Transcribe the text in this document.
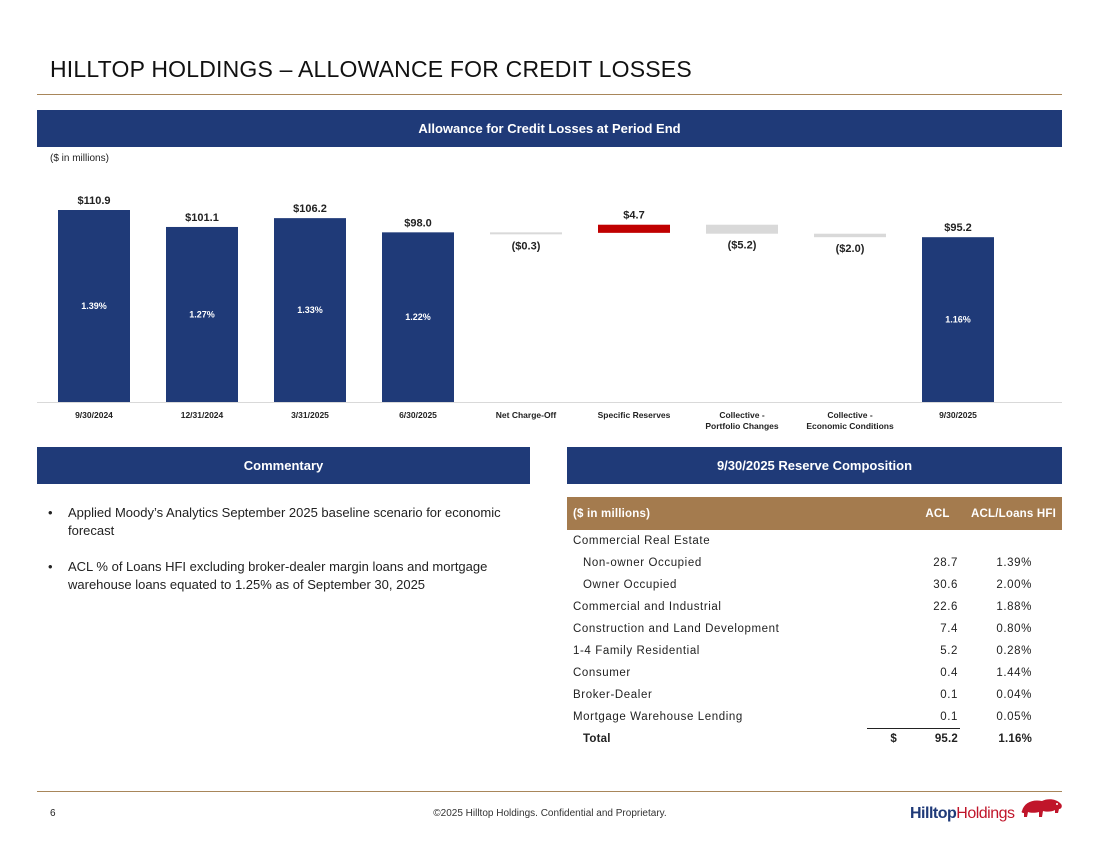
HILLTOP HOLDINGS – ALLOWANCE FOR CREDIT LOSSES
Allowance for Credit Losses at Period End
($ in millions)
$110.9
1.39%
9/30/2024
$101.1
1.27%
12/31/2024
$106.2
1.33%
3/31/2025
$98.0
1.22%
6/30/2025
($0.3)
Net Charge-Off
$4.7
Specific Reserves
($5.2)
Collective -
Portfolio Changes
($2.0)
Collective -
Economic Conditions
$95.2
1.16%
9/30/2025
Commentary	9/30/2025 Reserve Composition
• Applied Moody’s Analytics September 2025 baseline scenario for economic forecast
• ACL % of Loans HFI excluding broker-dealer margin loans and mortgage warehouse loans equated to 1.25% as of September 30, 2025
($ in millions)		ACL	ACL/Loans HFI
Commercial Real Estate			
Non-owner Occupied		28.7	1.39%
Owner Occupied		30.6	2.00%
Commercial and Industrial		22.6	1.88%
Construction and Land Development		7.4	0.80%
1-4 Family Residential		5.2	0.28%
Consumer		0.4	1.44%
Broker-Dealer		0.1	0.04%
Mortgage Warehouse Lending		0.1	0.05%
Total	$	95.2	1.16%
6	©2025 Hilltop Holdings. Confidential and Proprietary.	HilltopHoldings
